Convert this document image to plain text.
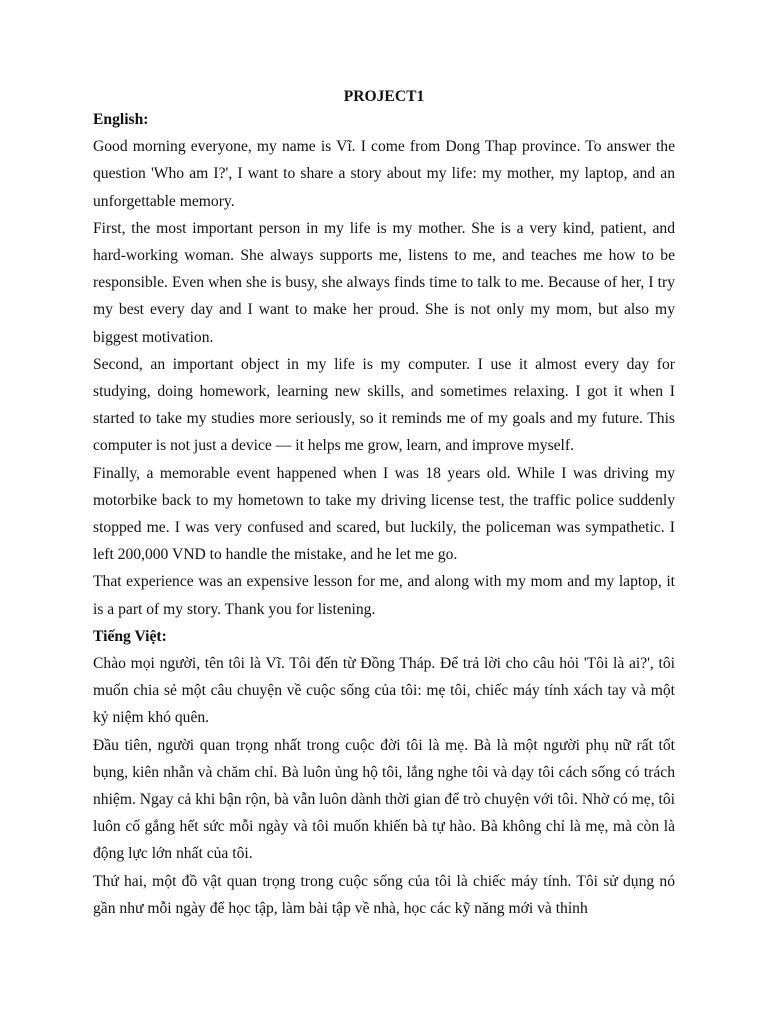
PROJECT1

English:

Good morning everyone, my name is Vĩ. I come from Dong Thap province. To answer the question 'Who am I?', I want to share a story about my life: my mother, my laptop, and an unforgettable memory.

First, the most important person in my life is my mother. She is a very kind, patient, and hard-working woman. She always supports me, listens to me, and teaches me how to be responsible. Even when she is busy, she always finds time to talk to me. Because of her, I try my best every day and I want to make her proud. She is not only my mom, but also my biggest motivation.

Second, an important object in my life is my computer. I use it almost every day for studying, doing homework, learning new skills, and sometimes relaxing. I got it when I started to take my studies more seriously, so it reminds me of my goals and my future. This computer is not just a device — it helps me grow, learn, and improve myself.

Finally, a memorable event happened when I was 18 years old. While I was driving my motorbike back to my hometown to take my driving license test, the traffic police suddenly stopped me. I was very confused and scared, but luckily, the policeman was sympathetic. I left 200,000 VND to handle the mistake, and he let me go.

That experience was an expensive lesson for me, and along with my mom and my laptop, it is a part of my story. Thank you for listening.

Tiếng Việt:

Chào mọi người, tên tôi là Vĩ. Tôi đến từ Đồng Tháp. Để trả lời cho câu hỏi 'Tôi là ai?', tôi muốn chia sẻ một câu chuyện về cuộc sống của tôi: mẹ tôi, chiếc máy tính xách tay và một kỷ niệm khó quên.

Đầu tiên, người quan trọng nhất trong cuộc đời tôi là mẹ. Bà là một người phụ nữ rất tốt bụng, kiên nhẫn và chăm chỉ. Bà luôn ủng hộ tôi, lắng nghe tôi và dạy tôi cách sống có trách nhiệm. Ngay cả khi bận rộn, bà vẫn luôn dành thời gian để trò chuyện với tôi. Nhờ có mẹ, tôi luôn cố gắng hết sức mỗi ngày và tôi muốn khiến bà tự hào. Bà không chỉ là mẹ, mà còn là động lực lớn nhất của tôi.

Thứ hai, một đồ vật quan trọng trong cuộc sống của tôi là chiếc máy tính. Tôi sử dụng nó gần như mỗi ngày để học tập, làm bài tập về nhà, học các kỹ năng mới và thỉnh
